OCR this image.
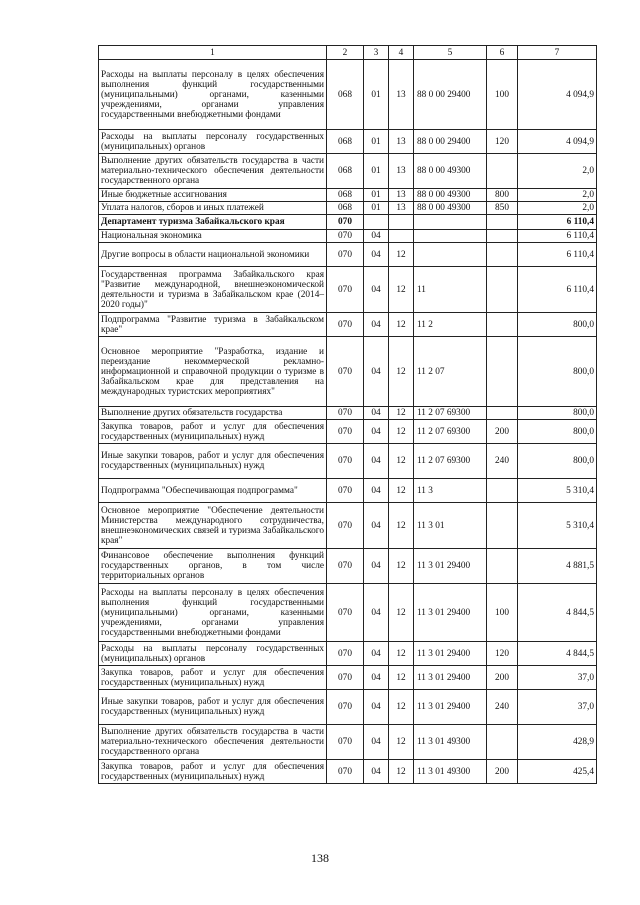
1	2	3	4	5	6	7
Расходы на выплаты персоналу в целях обеспечения выполнения функций государственными (муниципальными) органами, казенными учреждениями, органами управления государственными внебюджетными фондами	068	01	13	88 0 00 29400	100	4 094,9
Расходы на выплаты персоналу государственных (муниципальных) органов	068	01	13	88 0 00 29400	120	4 094,9
Выполнение других обязательств государства в части материально-технического обеспечения деятельности государственного органа	068	01	13	88 0 00 49300		2,0
Иные бюджетные ассигнования	068	01	13	88 0 00 49300	800	2,0
Уплата налогов, сборов и иных платежей	068	01	13	88 0 00 49300	850	2,0
Департамент туризма Забайкальского края	070					6 110,4
Национальная экономика	070	04				6 110,4
Другие вопросы в области национальной экономики	070	04	12			6 110,4
Государственная программа Забайкальского края "Развитие международной, внешнеэкономической деятельности и туризма в Забайкальском крае (2014–2020 годы)"	070	04	12	11		6 110,4
Подпрограмма "Развитие туризма в Забайкальском крае"	070	04	12	11 2		800,0
Основное мероприятие "Разработка, издание и переиздание некоммерческой рекламно-информационной и справочной продукции о туризме в Забайкальском крае для представления на международных туристских мероприятиях"	070	04	12	11 2 07		800,0
Выполнение других обязательств государства	070	04	12	11 2 07 69300		800,0
Закупка товаров, работ и услуг для обеспечения государственных (муниципальных) нужд	070	04	12	11 2 07 69300	200	800,0
Иные закупки товаров, работ и услуг для обеспечения государственных (муниципальных) нужд	070	04	12	11 2 07 69300	240	800,0
Подпрограмма "Обеспечивающая подпрограмма"	070	04	12	11 3		5 310,4
Основное мероприятие "Обеспечение деятельности Министерства международного сотрудничества, внешнеэкономических связей и туризма Забайкальского края"	070	04	12	11 3 01		5 310,4
Финансовое обеспечение выполнения функций государственных органов, в том числе территориальных органов	070	04	12	11 3 01 29400		4 881,5
Расходы на выплаты персоналу в целях обеспечения выполнения функций государственными (муниципальными) органами, казенными учреждениями, органами управления государственными внебюджетными фондами	070	04	12	11 3 01 29400	100	4 844,5
Расходы на выплаты персоналу государственных (муниципальных) органов	070	04	12	11 3 01 29400	120	4 844,5
Закупка товаров, работ и услуг для обеспечения государственных (муниципальных) нужд	070	04	12	11 3 01 29400	200	37,0
Иные закупки товаров, работ и услуг для обеспечения государственных (муниципальных) нужд	070	04	12	11 3 01 29400	240	37,0
Выполнение других обязательств государства в части материально-технического обеспечения деятельности государственного органа	070	04	12	11 3 01 49300		428,9
Закупка товаров, работ и услуг для обеспечения государственных (муниципальных) нужд	070	04	12	11 3 01 49300	200	425,4
138
